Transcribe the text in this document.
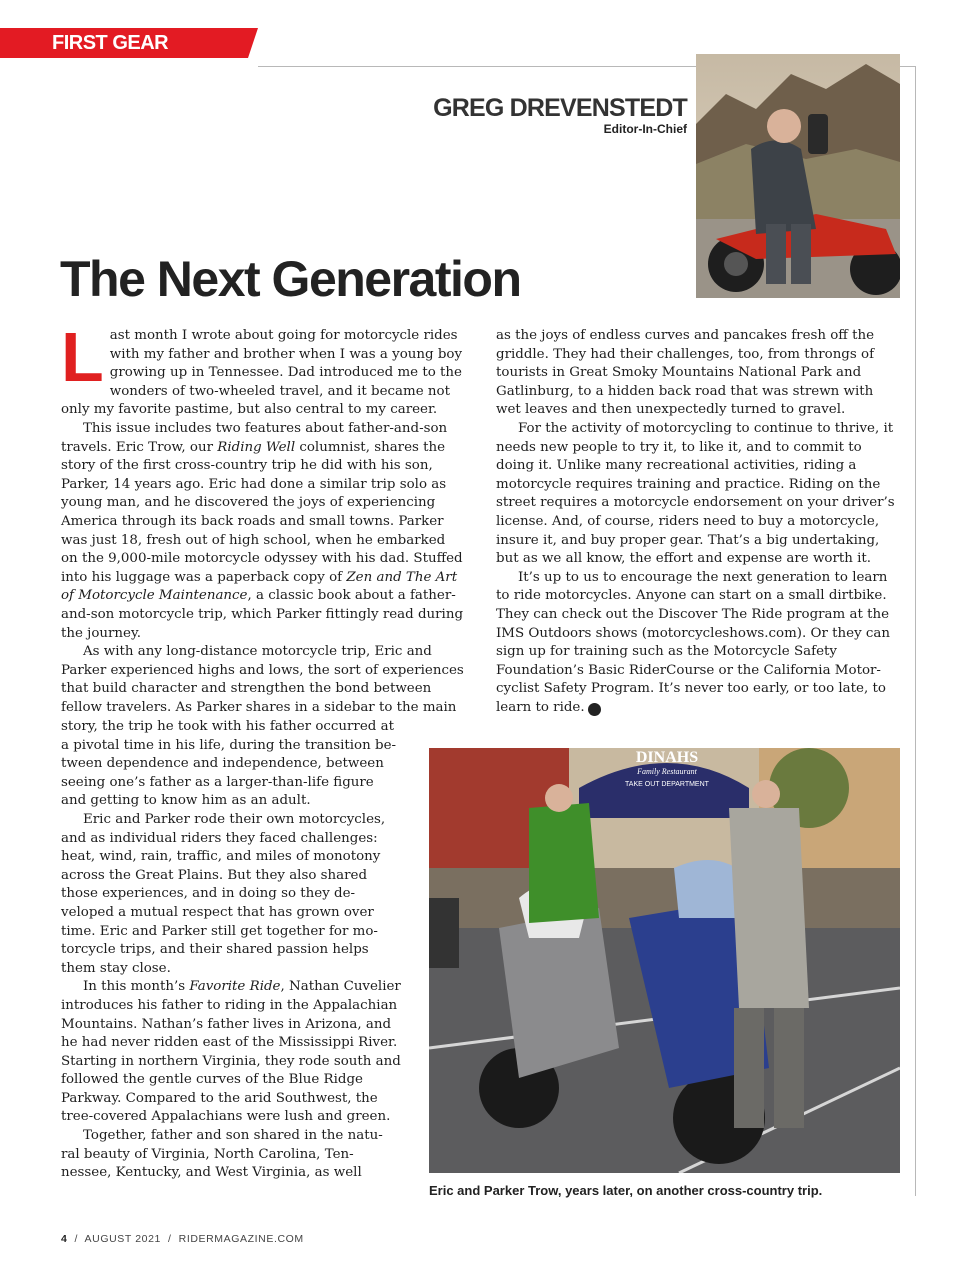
FIRST GEAR
GREG DREVENSTEDT
Editor-In-Chief
The Next Generation

Last month I wrote about going for motorcycle rides with my father and brother when I was a young boy growing up in Tennessee. Dad introduced me to the wonders of two-wheeled travel, and it became not only my favorite pastime, but also central to my career.

This issue includes two features about father-and-son travels. Eric Trow, our Riding Well columnist, shares the story of the first cross-country trip he did with his son, Parker, 14 years ago. Eric had done a similar trip solo as young man, and he discovered the joys of experiencing America through its back roads and small towns. Parker was just 18, fresh out of high school, when he embarked on the 9,000-mile motorcycle odyssey with his dad. Stuffed into his luggage was a paperback copy of Zen and The Art of Motorcycle Maintenance, a classic book about a father-and-son motorcycle trip, which Parker fittingly read during the journey.

As with any long-distance motorcycle trip, Eric and Parker experienced highs and lows, the sort of experiences that build character and strengthen the bond between fellow travelers. As Parker shares in a sidebar to the main

story, the trip he took with his father occurred at a pivotal time in his life, during the transition be-tween dependence and independence, between seeing one’s father as a larger-than-life figure and getting to know him as an adult.

Eric and Parker rode their own motorcycles, and as individual riders they faced challenges: heat, wind, rain, traffic, and miles of monotony across the Great Plains. But they also shared those experiences, and in doing so they de-veloped a mutual respect that has grown over time. Eric and Parker still get together for mo-torcycle trips, and their shared passion helps them stay close.

In this month’s Favorite Ride, Nathan Cuvelier introduces his father to riding in the Appalachian Mountains. Nathan’s father lives in Arizona, and he had never ridden east of the Mississippi River. Starting in northern Virginia, they rode south and followed the gentle curves of the Blue Ridge Parkway. Compared to the arid Southwest, the tree-covered Appalachians were lush and green.

Together, father and son shared in the natu-ral beauty of Virginia, North Carolina, Ten-nessee, Kentucky, and West Virginia, as well

as the joys of endless curves and pancakes fresh off the griddle. They had their challenges, too, from throngs of tourists in Great Smoky Mountains National Park and Gatlinburg, to a hidden back road that was strewn with wet leaves and then unexpectedly turned to gravel.

For the activity of motorcycling to continue to thrive, it needs new people to try it, to like it, and to commit to doing it. Unlike many recreational activities, riding a motorcycle requires training and practice. Riding on the street requires a motorcycle endorsement on your driver’s license. And, of course, riders need to buy a motorcycle, insure it, and buy proper gear. That’s a big undertaking, but as we all know, the effort and expense are worth it.

It’s up to us to encourage the next generation to learn to ride motorcycles. Anyone can start on a small dirtbike. They can check out the Discover The Ride program at the IMS Outdoors shows (motorcycleshows.com). Or they can sign up for training such as the Motorcycle Safety Foundation’s Basic RiderCourse or the California Motor-cyclist Safety Program. It’s never too early, or too late, to learn to ride.	R

DINAHS
Family Restaurant
TAKE OUT DEPARTMENT
Eric and Parker Trow, years later, on another cross-country trip.
4 / AUGUST 2021 / RIDERMAGAZINE.COM
